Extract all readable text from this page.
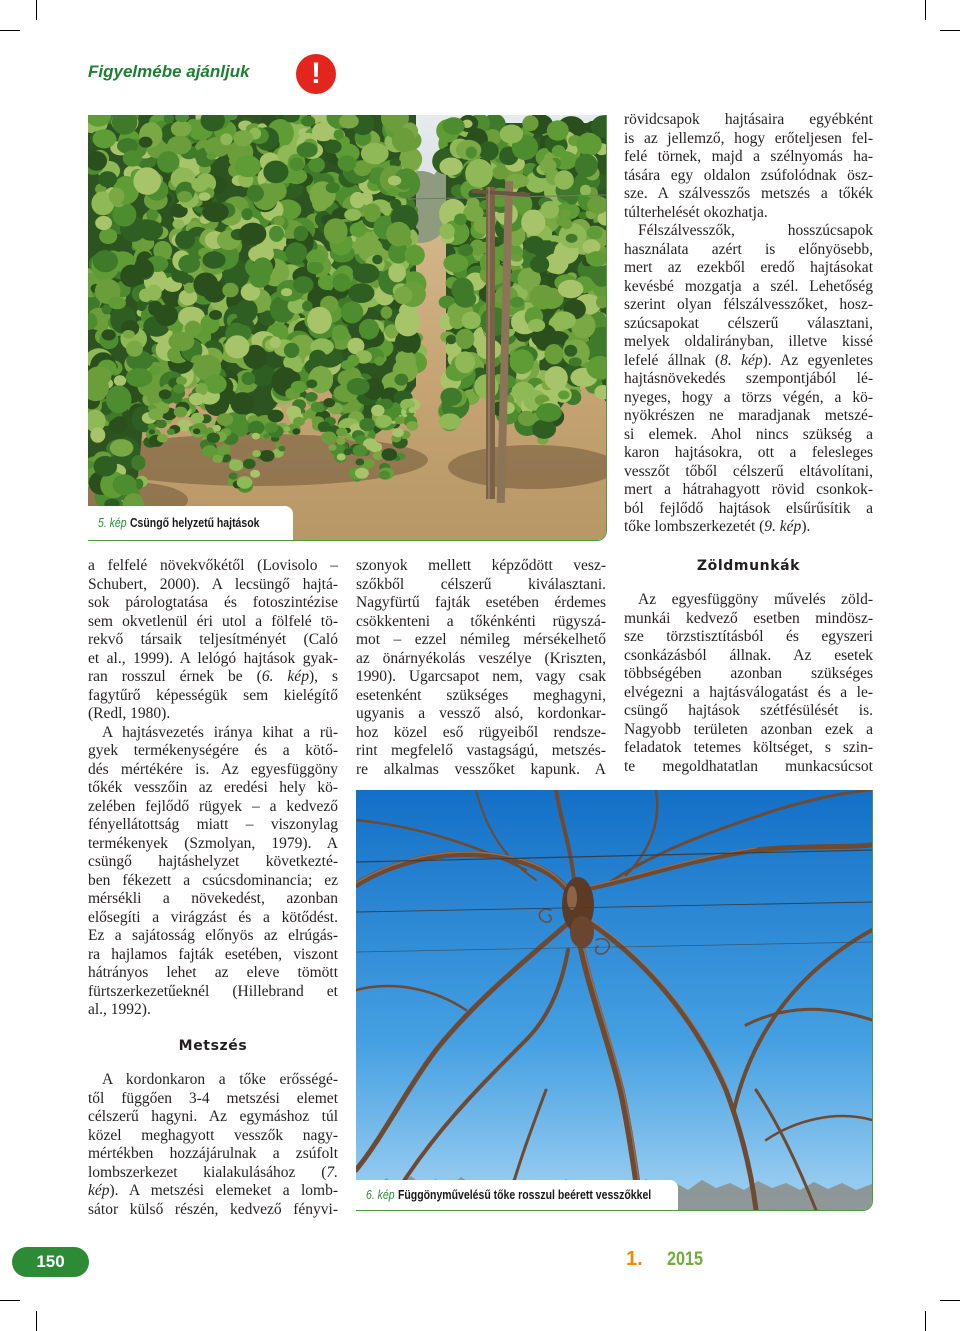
Figyelmébe ajánljuk	!
5. kép Csüngő helyzetű hajtások
rövidcsapok hajtásaira egyébként
is az jellemző, hogy erőteljesen fel-
felé törnek, majd a szélnyomás ha-
tására egy oldalon zsúfolódnak ösz-
sze. A szálvesszős metszés a tőkék
túlterhelését okozhatja.
Félszálvesszők, hosszúcsapok
használata azért is előnyösebb,
mert az ezekből eredő hajtásokat
kevésbé mozgatja a szél. Lehetőség
szerint olyan félszálvesszőket, hosz-
szúcsapokat célszerű választani,
melyek oldalirányban, illetve kissé
lefelé állnak (8. kép). Az egyenletes
hajtásnövekedés szempontjából lé-
nyeges, hogy a törzs végén, a kö-
nyökrészen ne maradjanak metszé-
si elemek. Ahol nincs szükség a
karon hajtásokra, ott a felesleges
vesszőt tőből célszerű eltávolítani,
mert a hátrahagyott rövid csonkok-
ból fejlődő hajtások elsűrűsítik a
tőke lombszerkezetét (9. kép).
a felfelé növekvőkétől (Lovisolo –
Schubert, 2000). A lecsüngő hajtá-
sok párologtatása és fotoszintézise
sem okvetlenül éri utol a fölfelé tö-
rekvő társaik teljesítményét (Caló
et al., 1999). A lelógó hajtások gyak-
ran rosszul érnek be (6. kép), s
fagytűrő képességük sem kielégítő
(Redl, 1980).
A hajtásvezetés iránya kihat a rü-
gyek termékenységére és a kötő-
dés mértékére is. Az egyesfüggöny
tőkék vesszőin az eredési hely kö-
zelében fejlődő rügyek – a kedvező
fényellátottság miatt – viszonylag
termékenyek (Szmolyan, 1979). A
csüngő hajtáshelyzet következté-
ben fékezett a csúcsdominancia; ez
mérsékli a növekedést, azonban
elősegíti a virágzást és a kötődést.
Ez a sajátosság előnyös az elrúgás-
ra hajlamos fajták esetében, viszont
hátrányos lehet az eleve tömött
fürtszerkezetűeknél (Hillebrand et
al., 1992).
Metszés
A kordonkaron a tőke erősségé-
től függően 3-4 metszési elemet
célszerű hagyni. Az egymáshoz túl
közel meghagyott vesszők nagy-
mértékben hozzájárulnak a zsúfolt
lombszerkezet kialakulásához (7.
kép). A metszési elemeket a lomb-
sátor külső részén, kedvező fényvi-
szonyok mellett képződött vesz-
szőkből célszerű kiválasztani.
Nagyfürtű fajták esetében érdemes
csökkenteni a tőkénkénti rügyszá-
mot – ezzel némileg mérsékelhető
az önárnyékolás veszélye (Kriszten,
1990). Ugarcsapot nem, vagy csak
esetenként szükséges meghagyni,
ugyanis a vessző alsó, kordonkar-
hoz közel eső rügyeiből rendsze-
rint megfelelő vastagságú, metszés-
re alkalmas vesszőket kapunk. A
Zöldmunkák
Az egyesfüggöny művelés zöld-
munkái kedvező esetben mindösz-
sze törzstisztításból és egyszeri
csonkázásból állnak. Az esetek
többségében azonban szükséges
elvégezni a hajtásválogatást és a le-
csüngő hajtások szétfésülését is.
Nagyobb területen azonban ezek a
feladatok tetemes költséget, s szin-
te megoldhatatlan munkacsúcsot
6. kép Függönyművelésű tőke rosszul beérett vesszőkkel
150	1. 2015
